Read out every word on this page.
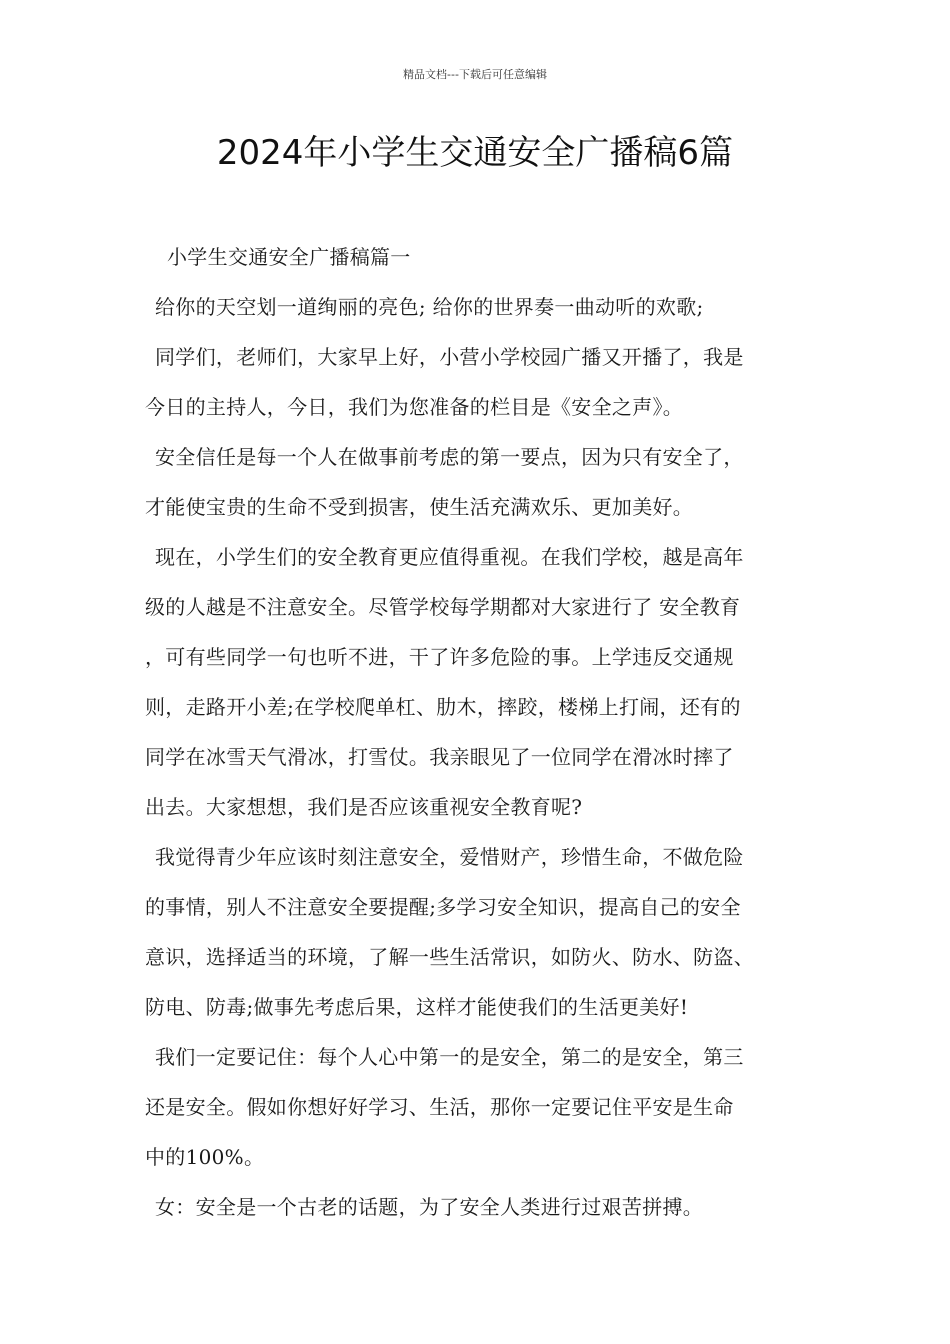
精品文档---下载后可任意编辑
2024年小学生交通安全广播稿6篇

小学生交通安全广播稿篇一

给你的天空划一道绚丽的亮色; 给你的世界奏一曲动听的欢歌;

同学们，老师们，大家早上好，小营小学校园广播又开播了，我是

今日的主持人，今日，我们为您准备的栏目是《安全之声》。

安全信任是每一个人在做事前考虑的第一要点，因为只有安全了，

才能使宝贵的生命不受到损害，使生活充满欢乐、更加美好。

现在，小学生们的安全教育更应值得重视。在我们学校，越是高年

级的人越是不注意安全。尽管学校每学期都对大家进行了 安全教育

，可有些同学一句也听不进，干了许多危险的事。上学违反交通规

则，走路开小差;在学校爬单杠、肋木，摔跤，楼梯上打闹，还有的

同学在冰雪天气滑冰，打雪仗。我亲眼见了一位同学在滑冰时摔了

出去。大家想想，我们是否应该重视安全教育呢?

我觉得青少年应该时刻注意安全，爱惜财产，珍惜生命，不做危险

的事情，别人不注意安全要提醒;多学习安全知识，提高自己的安全

意识，选择适当的环境，了解一些生活常识，如防火、防水、防盗、

防电、防毒;做事先考虑后果，这样才能使我们的生活更美好!

我们一定要记住：每个人心中第一的是安全，第二的是安全，第三

还是安全。假如你想好好学习、生活，那你一定要记住平安是生命

中的100%。

女：安全是一个古老的话题，为了安全人类进行过艰苦拼搏。
